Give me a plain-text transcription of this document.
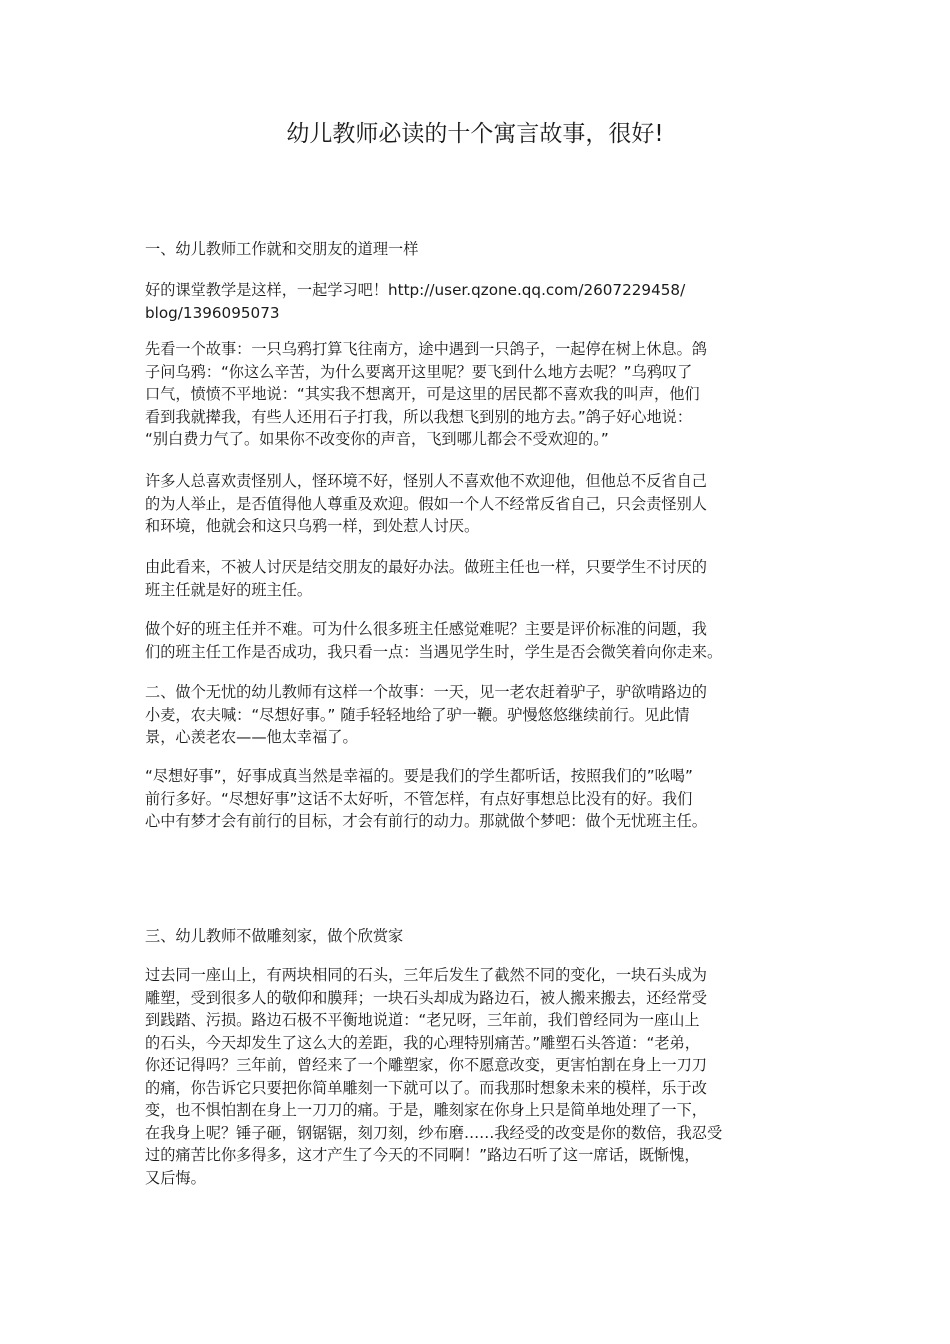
幼儿教师必读的十个寓言故事，很好!

一、幼儿教师工作就和交朋友的道理一样

好的课堂教学是这样，一起学习吧！http://user.qzone.qq.com/2607229458/
blog/1396095073

先看一个故事：一只乌鸦打算飞往南方，途中遇到一只鸽子，一起停在树上休息。鸽
子问乌鸦：“你这么辛苦，为什么要离开这里呢？要飞到什么地方去呢？”乌鸦叹了
口气，愤愤不平地说：“其实我不想离开，可是这里的居民都不喜欢我的叫声，他们
看到我就撵我，有些人还用石子打我，所以我想飞到别的地方去。”鸽子好心地说：
“别白费力气了。如果你不改变你的声音，飞到哪儿都会不受欢迎的。”

许多人总喜欢责怪别人，怪环境不好，怪别人不喜欢他不欢迎他，但他总不反省自己
的为人举止，是否值得他人尊重及欢迎。假如一个人不经常反省自己，只会责怪别人
和环境，他就会和这只乌鸦一样，到处惹人讨厌。

由此看来，不被人讨厌是结交朋友的最好办法。做班主任也一样，只要学生不讨厌的
班主任就是好的班主任。

做个好的班主任并不难。可为什么很多班主任感觉难呢？主要是评价标准的问题，我
们的班主任工作是否成功，我只看一点：当遇见学生时，学生是否会微笑着向你走来。

二、做个无忧的幼儿教师有这样一个故事：一天，见一老农赶着驴子，驴欲啃路边的
小麦，农夫喊：“尽想好事。” 随手轻轻地给了驴一鞭。驴慢悠悠继续前行。见此情
景，心羡老农——他太幸福了。

“尽想好事”，好事成真当然是幸福的。要是我们的学生都听话，按照我们的”吆喝”
前行多好。“尽想好事”这话不太好听，不管怎样，有点好事想总比没有的好。我们
心中有梦才会有前行的目标，才会有前行的动力。那就做个梦吧：做个无忧班主任。

三、幼儿教师不做雕刻家，做个欣赏家

过去同一座山上，有两块相同的石头，三年后发生了截然不同的变化，一块石头成为
雕塑，受到很多人的敬仰和膜拜；一块石头却成为路边石，被人搬来搬去，还经常受
到践踏、污损。路边石极不平衡地说道：“老兄呀，三年前，我们曾经同为一座山上
的石头，今天却发生了这么大的差距，我的心理特别痛苦。”雕塑石头答道：“老弟，
你还记得吗？三年前，曾经来了一个雕塑家，你不愿意改变，更害怕割在身上一刀刀
的痛，你告诉它只要把你简单雕刻一下就可以了。而我那时想象未来的模样，乐于改
变，也不惧怕割在身上一刀刀的痛。于是，雕刻家在你身上只是简单地处理了一下，
在我身上呢？锤子砸，钢锯锯，刻刀刻，纱布磨……我经受的改变是你的数倍，我忍受
过的痛苦比你多得多，这才产生了今天的不同啊！”路边石听了这一席话，既惭愧，
又后悔。
